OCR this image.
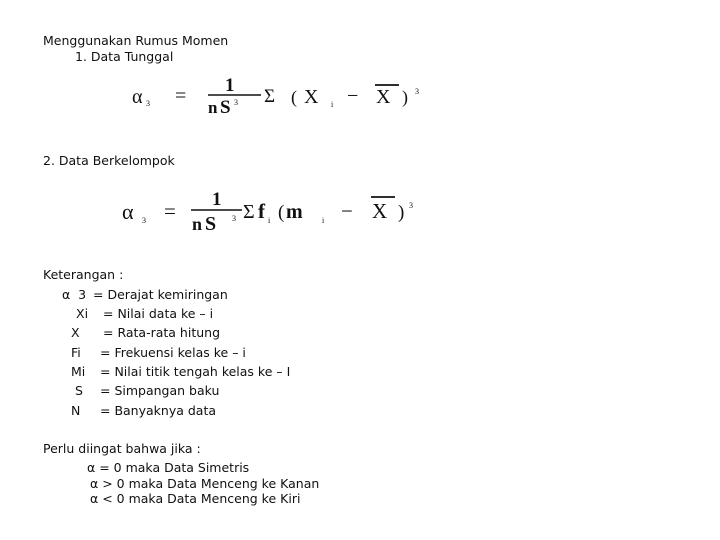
Menggunakan Rumus Momen
1. Data Tunggal
α 3 = 1
n S 3 Σ ( X i − X ) 3
2. Data Berkelompok
α 3 = 1
n S 3 Σ f i ( m i − X ) 3
Keterangan :
α  3 = Derajat kemiringan
Xi = Nilai data ke – i
X = Rata-rata hitung
Fi = Frekuensi kelas ke – i
Mi = Nilai titik tengah kelas ke – I
S = Simpangan baku
N = Banyaknya data
Perlu diingat bahwa jika :
α = 0 maka Data Simetris
α > 0 maka Data Menceng ke Kanan
α < 0 maka Data Menceng ke Kiri
